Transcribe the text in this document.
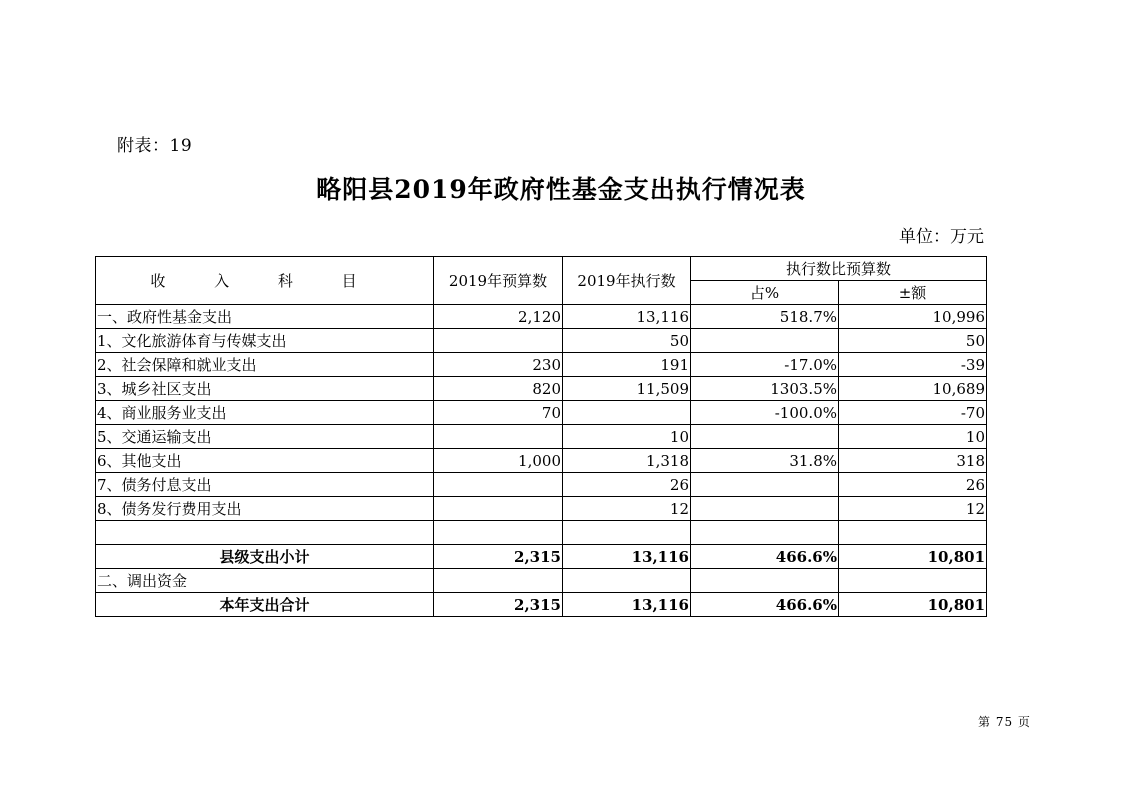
附表：19
略阳县2019年政府性基金支出执行情况表
单位：万元
收 入 科 目	2019年预算数	2019年执行数	执行数比预算数	
			占%	±额
一、政府性基金支出	2,120	13,116	518.7%	10,996
1、文化旅游体育与传媒支出		50		50
2、社会保障和就业支出	230	191	-17.0%	-39
3、城乡社区支出	820	11,509	1303.5%	10,689
4、商业服务业支出	70		-100.0%	-70
5、交通运输支出		10		10
6、其他支出	1,000	1,318	31.8%	318
7、债务付息支出		26		26
8、债务发行费用支出		12		12

县级支出小计	2,315	13,116	466.6%	10,801
二、调出资金				
本年支出合计	2,315	13,116	466.6%	10,801
第 75 页
